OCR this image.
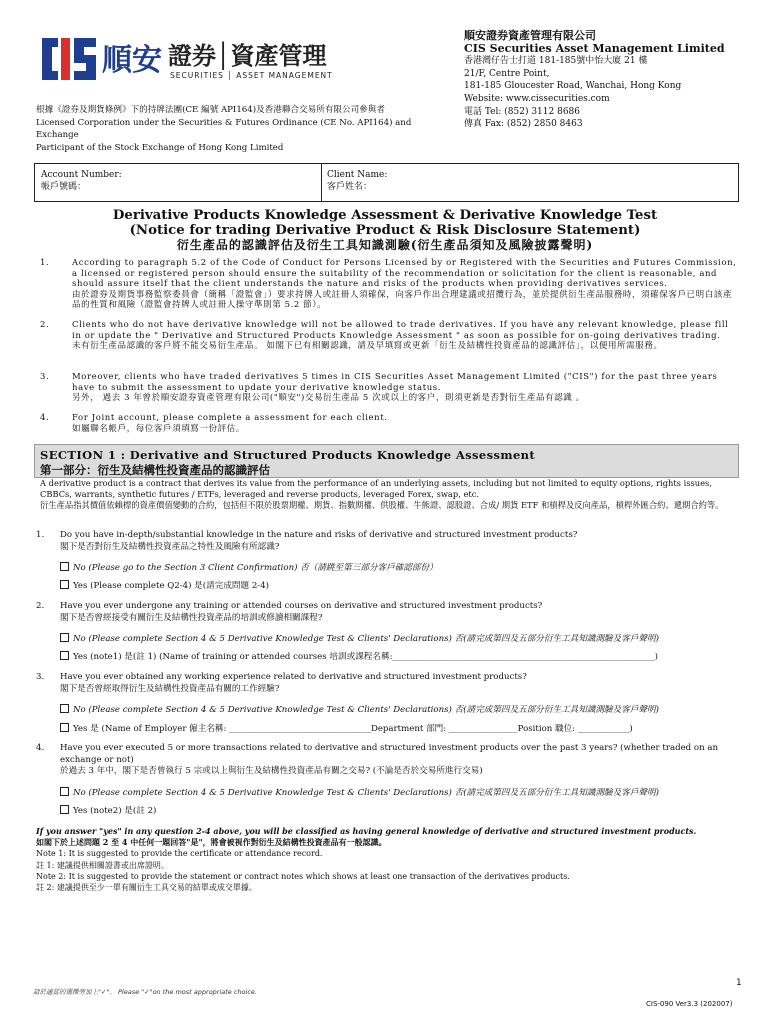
順安 證券│資產管理
SECURITIES │ ASSET MANAGEMENT
順安證券資產管理有限公司
CIS Securities Asset Management Limited
香港灣仔告士打道 181-185號中怡大廈 21 樓
21/F, Centre Point,
181-185 Gloucester Road, Wanchai, Hong Kong
Website: www.cissecurities.com
電話 Tel: (852) 3112 8686
傳真 Fax: (852) 2850 8463
根據《證券及期貨條例》下的持牌法團(CE 編號 API164)及香港聯合交易所有限公司參與者
Licensed Corporation under the Securities & Futures Ordinance (CE No. API164) and Exchange
Participant of the Stock Exchange of Hong Kong Limited
Account Number:
帳戶號碼：
Client Name:
客戶姓名：
Derivative Products Knowledge Assessment & Derivative Knowledge Test
(Notice for trading Derivative Product & Risk Disclosure Statement)
衍生產品的認識評估及衍生工具知識測驗(衍生產品須知及風險披露聲明)
1.	According to paragraph 5.2 of the Code of Conduct for Persons Licensed by or Registered with the Securities and Futures Commission, a licensed or registered person should ensure the suitability of the recommendation or solicitation for the client is reasonable, and should assure itself that the client understands the nature and risks of the products when providing derivatives services.
由於證券及期貨事務監察委員會（簡稱「證監會」）要求持牌人或註冊人須確保，向客戶作出合理建議或招攬行為，並於提供衍生產品服務時，須確保客戶已明白該產品的性質和風險（證監會持牌人或註冊人操守準則第 5.2 節）。
2.	Clients who do not have derivative knowledge will not be allowed to trade derivatives. If you have any relevant knowledge, please fill in or update the " Derivative and Structured Products Knowledge Assessment " as soon as possible for on-going derivatives trading.
未有衍生產品認識的客戶將不能交易衍生產品。 如閣下已有相關認識，請及早填寫或更新「衍生及結構性投資產品的認識評估」，以便用所需服務。
3.	Moreover, clients who have traded derivatives 5 times in CIS Securities Asset Management Limited ("CIS") for the past three years have to submit the assessment to update your derivative knowledge status.
另外， 過去 3 年曾於順安證券資產管理有限公司("順安")交易衍生產品 5 次或以上的客户，則須更新是否對衍生產品有認識 。
4.	For Joint account, please complete a assessment for each client.
如屬聯名帳戶，每位客戶須填寫一份評估。
SECTION 1 : Derivative and Structured Products Knowledge Assessment
第一部分：衍生及結構性投資產品的認識評估
A derivative product is a contract that derives its value from the performance of an underlying assets, including but not limited to equity options, rights issues, CBBCs, warrants, synthetic futures / ETFs, leveraged and reverse products, leveraged Forex, swap, etc.
衍生產品指其價值依賴標的資產價值變動的合約，包括但不限於股票期權、期貨、指數期權、供股權、牛熊證、認股證、合成/ 期貨 ETF 和槓桿及反向產品，槓桿外匯合約、遞期合約等。
1. Do you have in-depth/substantial knowledge in the nature and risks of derivative and structured investment products?
閣下是否對衍生及結構性投資產品之特性及風險有所認識?
No (Please go to the Section 3 Client Confirmation) 否（請跳至第三部分客戶確認部份）
Yes (Please complete Q2-4) 是(請完成問題 2-4)
2. Have you ever undergone any training or attended courses on derivative and structured investment products?
閣下是否曾經接受有關衍生及結構性投資產品的培訓或修讀相關課程?
No (Please complete Section 4 & 5 Derivative Knowledge Test & Clients' Declarations) 否(請完成第四及五部分衍生工具知識測驗及客戶聲明)
Yes (note1) 是(註 1) (Name of training or attended courses 培訓或課程名稱:_____________________________________________________________)
3. Have you ever obtained any working experience related to derivative and structured investment products?
閣下是否曾經取得衍生及結構性投資產品有關的工作經驗?
No (Please complete Section 4 & 5 Derivative Knowledge Test & Clients' Declarations) 否(請完成第四及五部分衍生工具知識測驗及客戶聲明)
Yes 是 (Name of Employer 僱主名稱: _________________________________Department 部門: ________________Position 職位: ____________)
4. Have you ever executed 5 or more transactions related to derivative and structured investment products over the past 3 years? (whether traded on an exchange or not)
於過去 3 年中，閣下是否曾執行 5 宗或以上與衍生及結構性投資產品有關之交易? (不論是否於交易所進行交易)
No (Please complete Section 4 & 5 Derivative Knowledge Test & Clients' Declarations) 否(請完成第四及五部分衍生工具知識測驗及客戶聲明)
Yes (note2) 是(註 2)
If you answer "yes" in any question 2-4 above, you will be classified as having general knowledge of derivative and structured investment products.
如閣下於上述問題 2 至 4 中任何一題回答"是"，將會被視作對衍生及結構性投資產品有一般認識。
Note 1: It is suggested to provide the certificate or attendance record.
註 1: 建議提供相關證書或出席證明。
Note 2: It is suggested to provide the statement or contract notes which shows at least one transaction of the derivatives products.
註 2: 建議提供至少一單有關衍生工具交易的結單或成交單據。
1
請於適當的選擇旁加上"✓"。 Please "✓"on the most appropriate choice.
CIS-090 Ver3.3 (202007)
